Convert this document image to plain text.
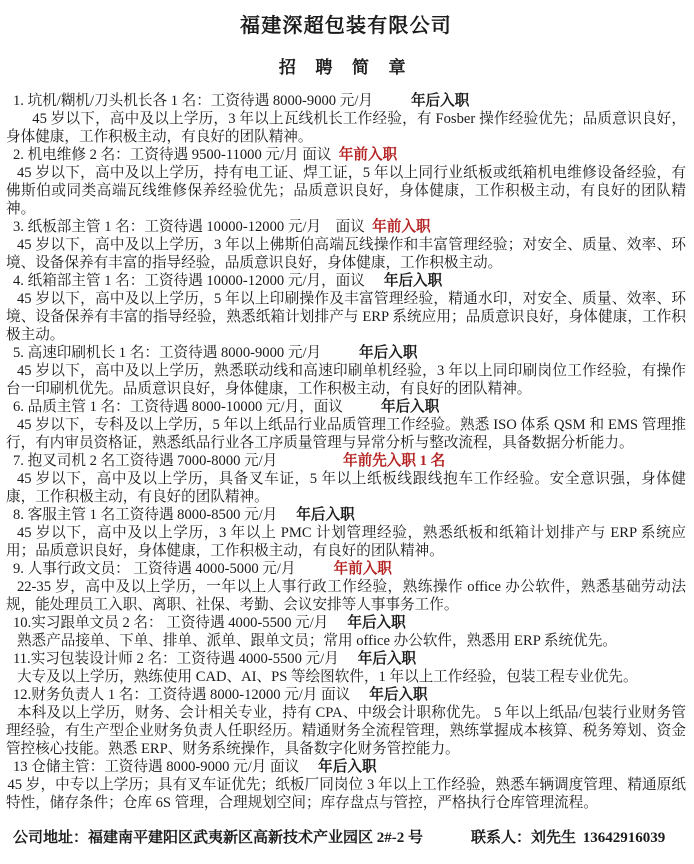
福建深超包装有限公司
招 聘 简 章
1. 坑机/糊机/刀头机长各 1 名：工资待遇 8000-9000 元/月	年后入职

45 岁以下，高中及以上学历，3 年以上瓦线机长工作经验，有 Fosber 操作经验优先；品质意识良好，身体健康，工作积极主动，有良好的团队精神。

2. 机电维修 2 名：工资待遇 9500-11000 元/月 面议 年前入职

45 岁以下，高中及以上学历，持有电工证、焊工证，5 年以上同行业纸板或纸箱机电维修设备经验，有佛斯伯或同类高端瓦线维修保养经验优先；品质意识良好，身体健康，工作积极主动，有良好的团队精神。

3. 纸板部主管 1 名：工资待遇 10000-12000 元/月　面议 年前入职

45 岁以下，高中及以上学历，3 年以上佛斯伯高端瓦线操作和丰富管理经验；对安全、质量、效率、环境、设备保养有丰富的指导经验，品质意识良好，身体健康，工作积极主动。

4. 纸箱部主管 1 名：工资待遇 10000-12000 元/月，面议 年后入职

45 岁以下，高中及以上学历，5 年以上印刷操作及丰富管理经验，精通水印，对安全、质量、效率、环境、设备保养有丰富的指导经验，熟悉纸箱计划排产与 ERP 系统应用；品质意识良好，身体健康，工作积极主动。

5. 高速印刷机长 1 名：工资待遇 8000-9000 元/月	年后入职

45 岁以下，高中及以上学历，熟悉联动线和高速印刷单机经验，3 年以上同印刷岗位工作经验，有操作台一印刷机优先。品质意识良好，身体健康，工作积极主动，有良好的团队精神。

6. 品质主管 1 名：工资待遇 8000-10000 元/月，面议	年后入职

45 岁以下，专科及以上学历，5 年以上纸品行业品质管理工作经验。熟悉 ISO 体系 QSM 和 EMS 管理推行，有内审员资格证，熟悉纸品行业各工序质量管理与异常分析与整改流程，具备数据分析能力。

7. 抱叉司机 2 名工资待遇 7000-8000 元/月	年前先入职 1 名

45 岁以下，高中及以上学历，具备叉车证，5 年以上纸板线跟线抱车工作经验。安全意识强，身体健康，工作积极主动，有良好的团队精神。

8. 客服主管 1 名工资待遇 8000-8500 元/月 年后入职

45 岁以下，高中及以上学历，3 年以上 PMC 计划管理经验，熟悉纸板和纸箱计划排产与 ERP 系统应用；品质意识良好，身体健康，工作积极主动，有良好的团队精神。

9. 人事行政文员： 工资待遇 4000-5000 元/月	年前入职

22-35 岁，高中及以上学历，一年以上人事行政工作经验，熟练操作 office 办公软件，熟悉基础劳动法规，能处理员工入职、离职、社保、考勤、会议安排等人事事务工作。

10.实习跟单文员 2 名： 工资待遇 4000-5500 元/月 年后入职

熟悉产品接单、下单、排单、派单、跟单文员；常用 office 办公软件，熟悉用 ERP 系统优先。

11.实习包装设计师 2 名：工资待遇 4000-5500 元/月 年后入职

大专及以上学历，熟练使用 CAD、AI、PS 等绘图软件，1 年以上工作经验，包装工程专业优先。

12.财务负责人 1 名：工资待遇 8000-12000 元/月 面议 年后入职

本科及以上学历，财务、会计相关专业，持有 CPA、中级会计职称优先。 5 年以上纸品/包装行业财务管理经验，有生产型企业财务负责人任职经历。精通财务全流程管理，熟练掌握成本核算、税务筹划、资金管控核心技能。熟悉 ERP、财务系统操作，具备数字化财务管控能力。

13 仓储主管：工资待遇 8000-9000 元/月 面议 年后入职

45 岁，中专以上学历；具有叉车证优先；纸板厂同岗位 3 年以上工作经验，熟悉车辆调度管理、精通原纸特性，储存条件；仓库 6S 管理，合理规划空间；库存盘点与管控，严格执行仓库管理流程。

公司地址：福建南平建阳区武夷新区高新技术产业园区 2#-2 号	联系人：刘先生 13642916039
